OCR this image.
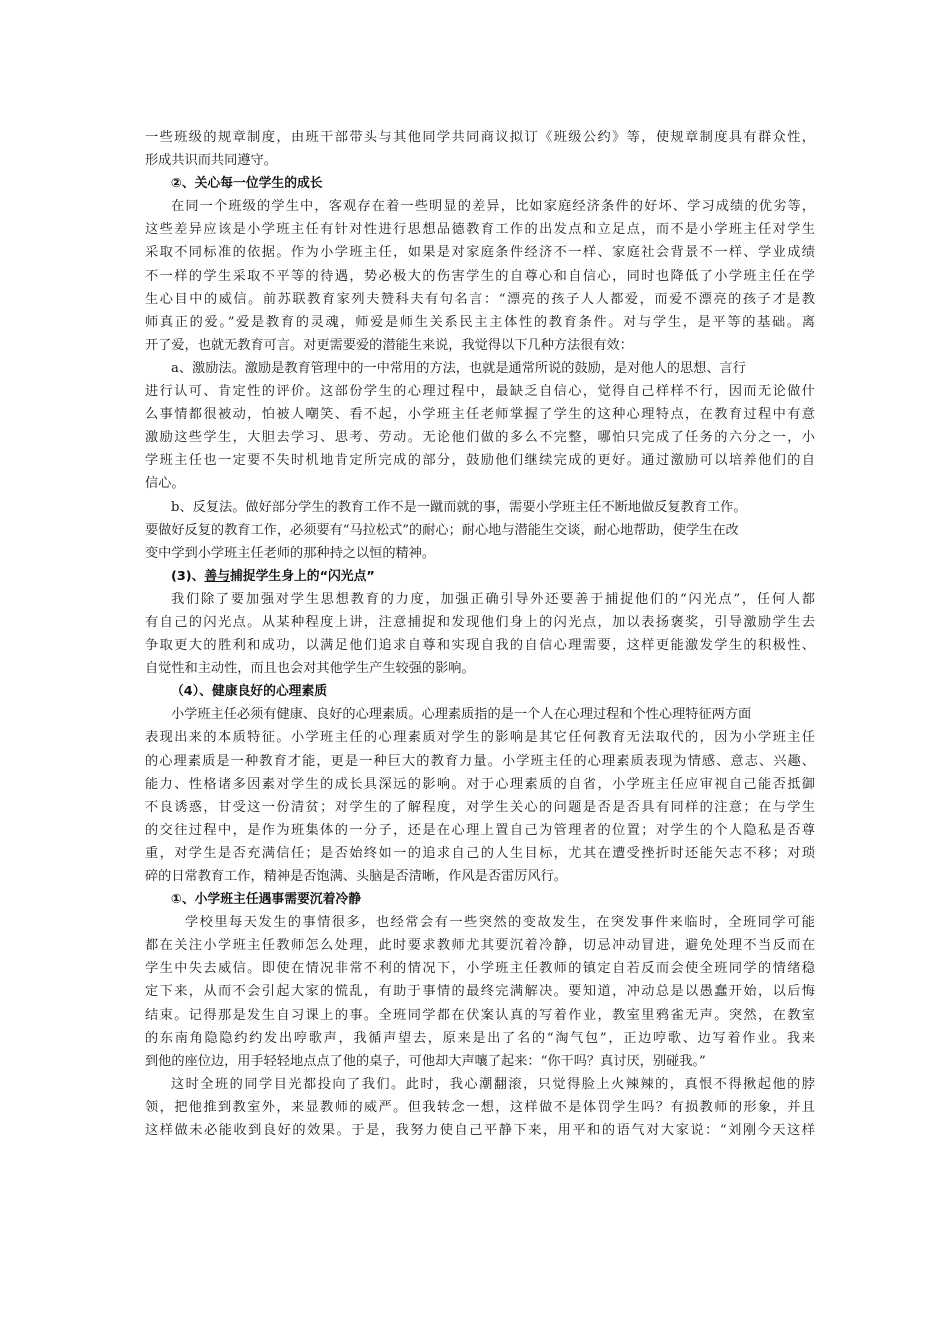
一些班级的规章制度，由班干部带头与其他同学共同商议拟订《班级公约》等，使规章制度具有群众性，
形成共识而共同遵守。
②、关心每一位学生的成长
在同一个班级的学生中，客观存在着一些明显的差异，比如家庭经济条件的好坏、学习成绩的优劣等，
这些差异应该是小学班主任有针对性进行思想品德教育工作的出发点和立足点，而不是小学班主任对学生
采取不同标准的依据。作为小学班主任，如果是对家庭条件经济不一样、家庭社会背景不一样、学业成绩
不一样的学生采取不平等的待遇，势必极大的伤害学生的自尊心和自信心，同时也降低了小学班主任在学
生心目中的威信。前苏联教育家列夫赞科夫有句名言：“漂亮的孩子人人都爱，而爱不漂亮的孩子才是教
师真正的爱。”爱是教育的灵魂，师爱是师生关系民主主体性的教育条件。对与学生，是平等的基础。离
开了爱，也就无教育可言。对更需要爱的潜能生来说，我觉得以下几种方法很有效：
a、激励法。激励是教育管理中的一中常用的方法，也就是通常所说的鼓励，是对他人的思想、言行
进行认可、肯定性的评价。这部份学生的心理过程中，最缺乏自信心，觉得自己样样不行，因而无论做什
么事情都很被动，怕被人嘲笑、看不起，小学班主任老师掌握了学生的这种心理特点，在教育过程中有意
激励这些学生，大胆去学习、思考、劳动。无论他们做的多么不完整，哪怕只完成了任务的六分之一，小
学班主任也一定要不失时机地肯定所完成的部分，鼓励他们继续完成的更好。通过激励可以培养他们的自
信心。
b、反复法。做好部分学生的教育工作不是一蹴而就的事，需要小学班主任不断地做反复教育工作。
要做好反复的教育工作，必须要有“马拉松式”的耐心；耐心地与潜能生交谈，耐心地帮助，使学生在改
变中学到小学班主任老师的那种持之以恒的精神。
(3)、善与捕捉学生身上的“闪光点”
我们除了要加强对学生思想教育的力度，加强正确引导外还要善于捕捉他们的“闪光点”，任何人都
有自己的闪光点。从某种程度上讲，注意捕捉和发现他们身上的闪光点，加以表扬褒奖，引导激励学生去
争取更大的胜利和成功，以满足他们追求自尊和实现自我的自信心理需要，这样更能激发学生的积极性、
自觉性和主动性，而且也会对其他学生产生较强的影响。
（4）、健康良好的心理素质
小学班主任必须有健康、良好的心理素质。心理素质指的是一个人在心理过程和个性心理特征两方面
表现出来的本质特征。小学班主任的心理素质对学生的影响是其它任何教育无法取代的，因为小学班主任
的心理素质是一种教育才能，更是一种巨大的教育力量。小学班主任的心理素质表现为情感、意志、兴趣、
能力、性格诸多因素对学生的成长具深远的影响。对于心理素质的自省，小学班主任应审视自己能否抵御
不良诱惑，甘受这一份清贫；对学生的了解程度，对学生关心的问题是否是否具有同样的注意；在与学生
的交往过程中，是作为班集体的一分子，还是在心理上置自己为管理者的位置；对学生的个人隐私是否尊
重，对学生是否充满信任；是否始终如一的追求自己的人生目标，尤其在遭受挫折时还能矢志不移；对琐
碎的日常教育工作，精神是否饱满、头脑是否清晰，作风是否雷厉风行。
①、小学班主任遇事需要沉着冷静
学校里每天发生的事情很多，也经常会有一些突然的变故发生，在突发事件来临时，全班同学可能
都在关注小学班主任教师怎么处理，此时要求教师尤其要沉着冷静，切忌冲动冒进，避免处理不当反而在
学生中失去威信。即使在情况非常不利的情况下，小学班主任教师的镇定自若反而会使全班同学的情绪稳
定下来，从而不会引起大家的慌乱，有助于事情的最终完满解决。要知道，冲动总是以愚蠢开始，以后悔
结束。记得那是发生自习课上的事。全班同学都在伏案认真的写着作业，教室里鸦雀无声。突然，在教室
的东南角隐隐约约发出哼歌声，我循声望去，原来是出了名的“淘气包”，正边哼歌、边写着作业。我来
到他的座位边，用手轻轻地点点了他的桌子，可他却大声嚷了起来：“你干吗？真讨厌，别碰我。”
这时全班的同学目光都投向了我们。此时，我心潮翻滚，只觉得脸上火辣辣的，真恨不得揪起他的脖
领，把他推到教室外，来显教师的威严。但我转念一想，这样做不是体罚学生吗？有损教师的形象，并且
这样做未必能收到良好的效果。于是，我努力使自己平静下来，用平和的语气对大家说：“刘刚今天这样
